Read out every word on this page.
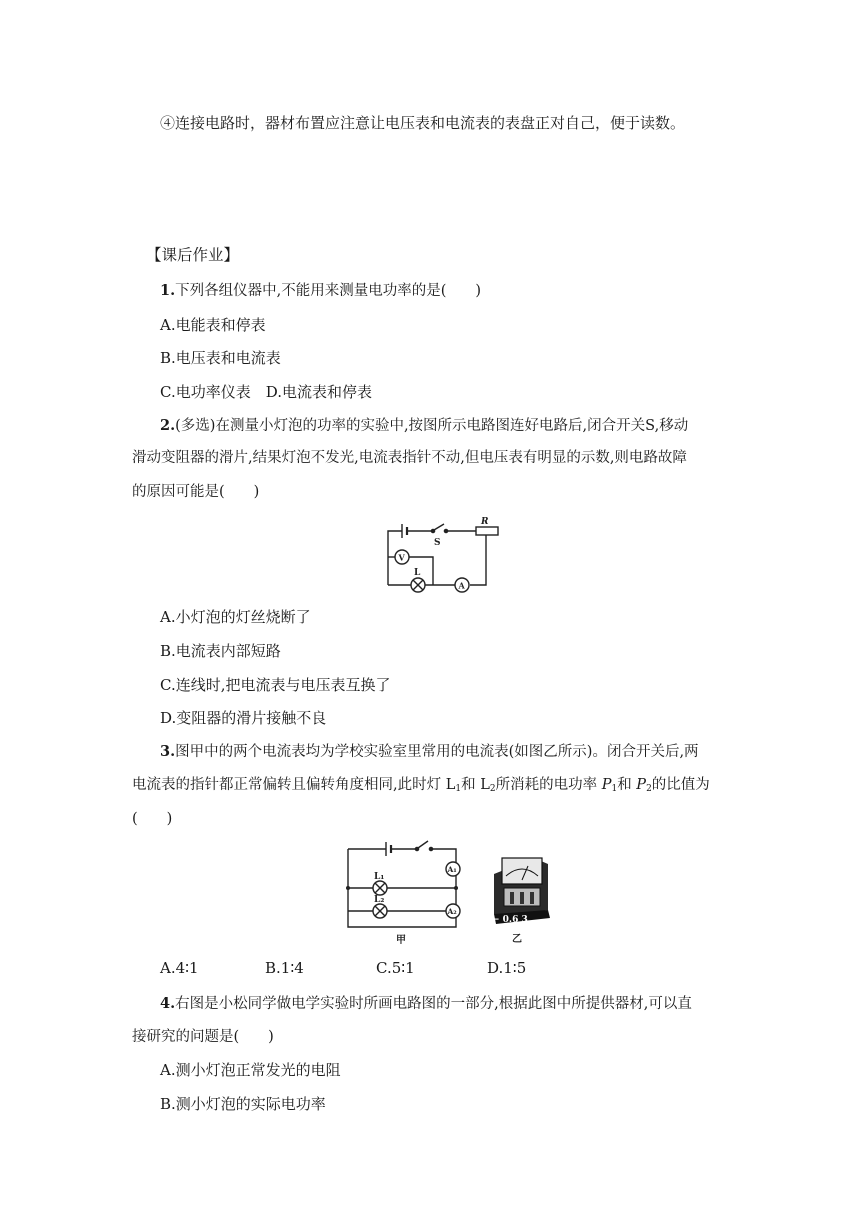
④连接电路时，器材布置应注意让电压表和电流表的表盘正对自己，便于读数。
【课后作业】
1.下列各组仪器中,不能用来测量电功率的是(　　)
A.电能表和停表
B.电压表和电流表
C.电功率仪表　D.电流表和停表
2.(多选)在测量小灯泡的功率的实验中,按图所示电路图连好电路后,闭合开关S,移动
滑动变阻器的滑片,结果灯泡不发光,电流表指针不动,但电压表有明显的示数,则电路故障
的原因可能是(　　)
S
R
L
V
A
A.小灯泡的灯丝烧断了
B.电流表内部短路
C.连线时,把电流表与电压表互换了
D.变阻器的滑片接触不良
3.图甲中的两个电流表均为学校实验室里常用的电流表(如图乙所示)。闭合开关后,两
电流表的指针都正常偏转且偏转角度相同,此时灯 $L_1$和 $L_2$所消耗的电功率 $P_1$和 $P_2$的比值为
(　　)
L₁
L₂
A₁
A₂
甲
− 0.6 3
乙
A.4∶1	B.1∶4	C.5∶1	D.1∶5
4.右图是小松同学做电学实验时所画电路图的一部分,根据此图中所提供器材,可以直
接研究的问题是(　　)
A.测小灯泡正常发光的电阻
B.测小灯泡的实际电功率
